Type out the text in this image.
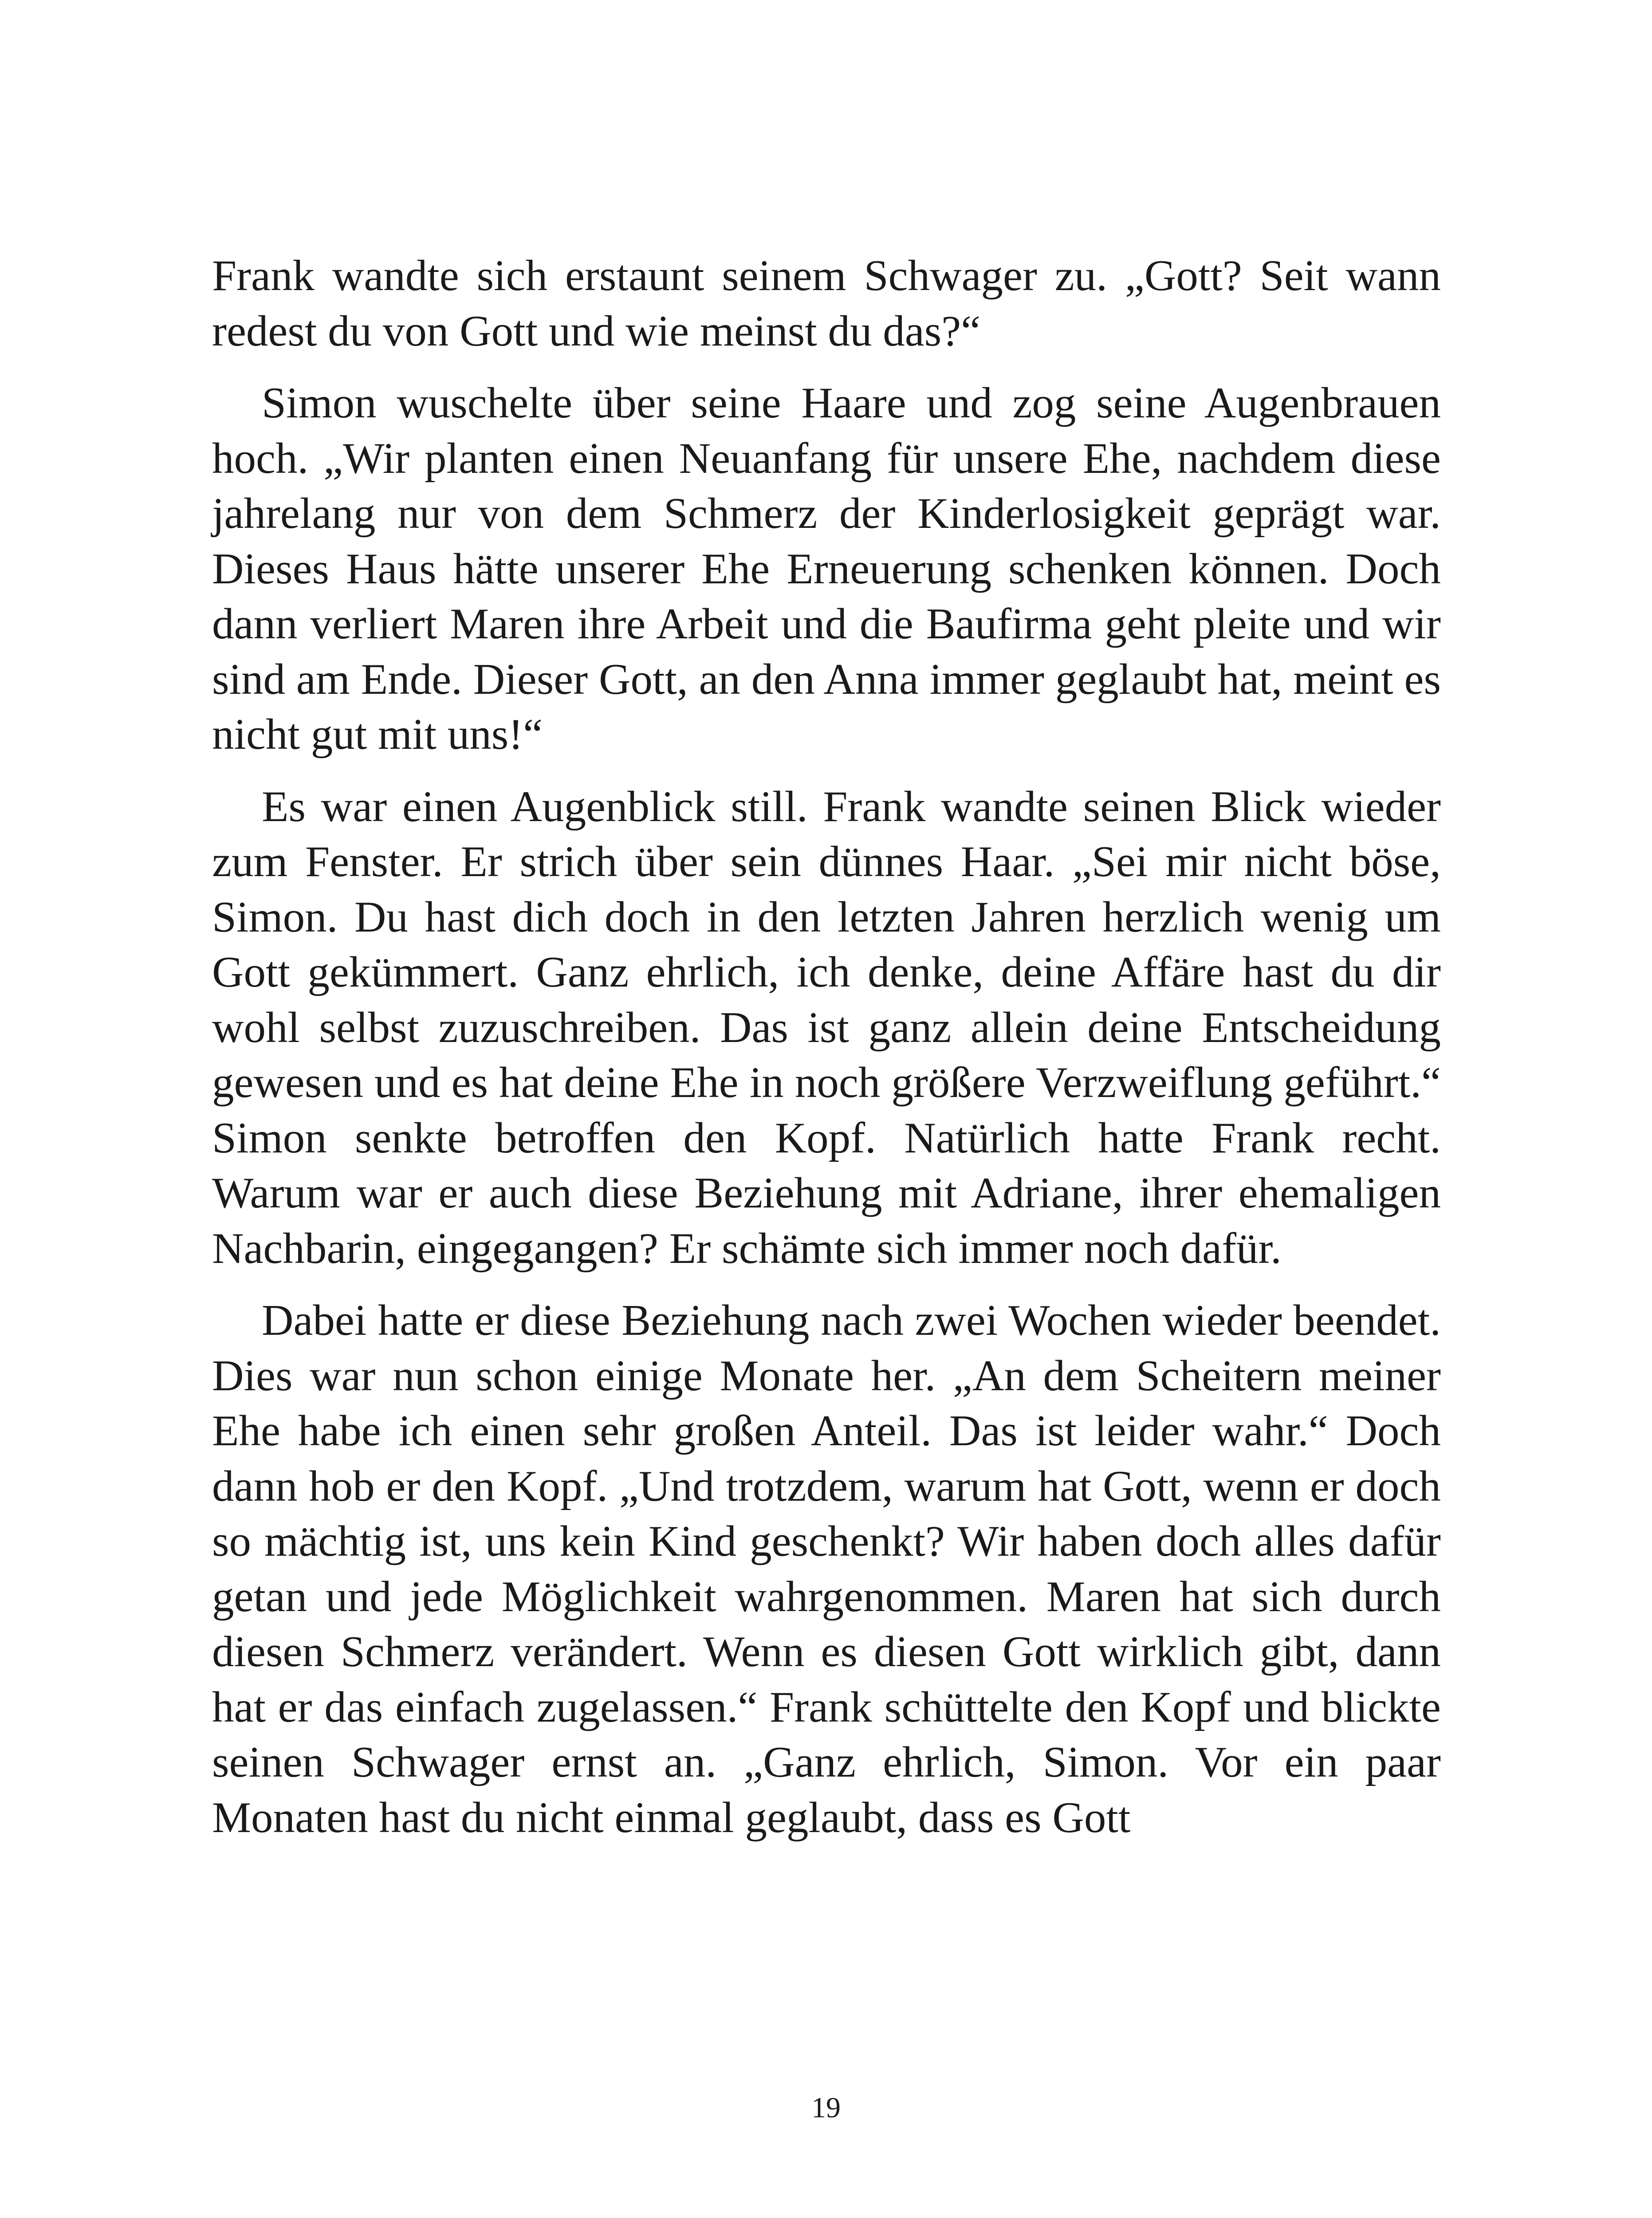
Frank wandte sich erstaunt seinem Schwager zu. „Gott? Seit wann redest du von Gott und wie meinst du das?“

Simon wuschelte über seine Haare und zog seine Augenbrauen hoch. „Wir planten einen Neuanfang für unsere Ehe, nachdem diese jahrelang nur von dem Schmerz der Kinderlosigkeit geprägt war. Dieses Haus hätte unserer Ehe Erneuerung schenken können. Doch dann verliert Maren ihre Arbeit und die Baufirma geht pleite und wir sind am Ende. Dieser Gott, an den Anna immer geglaubt hat, meint es nicht gut mit uns!“

Es war einen Augenblick still. Frank wandte seinen Blick wieder zum Fenster. Er strich über sein dünnes Haar. „Sei mir nicht böse, Simon. Du hast dich doch in den letzten Jahren herzlich wenig um Gott gekümmert. Ganz ehrlich, ich denke, deine Affäre hast du dir wohl selbst zuzuschreiben. Das ist ganz allein deine Entscheidung gewesen und es hat deine Ehe in noch größere Verzweiflung geführt.“ Simon senkte betroffen den Kopf. Natürlich hatte Frank recht. Warum war er auch diese Beziehung mit Adriane, ihrer ehemaligen Nachbarin, eingegangen? Er schämte sich immer noch dafür.

Dabei hatte er diese Beziehung nach zwei Wochen wieder beendet. Dies war nun schon einige Monate her. „An dem Scheitern meiner Ehe habe ich einen sehr großen Anteil. Das ist leider wahr.“ Doch dann hob er den Kopf. „Und trotzdem, warum hat Gott, wenn er doch so mächtig ist, uns kein Kind geschenkt? Wir haben doch alles dafür getan und jede Möglichkeit wahrgenommen. Maren hat sich durch diesen Schmerz verändert. Wenn es diesen Gott wirklich gibt, dann hat er das einfach zugelassen.“ Frank schüttelte den Kopf und blickte seinen Schwager ernst an. „Ganz ehrlich, Simon. Vor ein paar Monaten hast du nicht einmal geglaubt, dass es Gott

19
